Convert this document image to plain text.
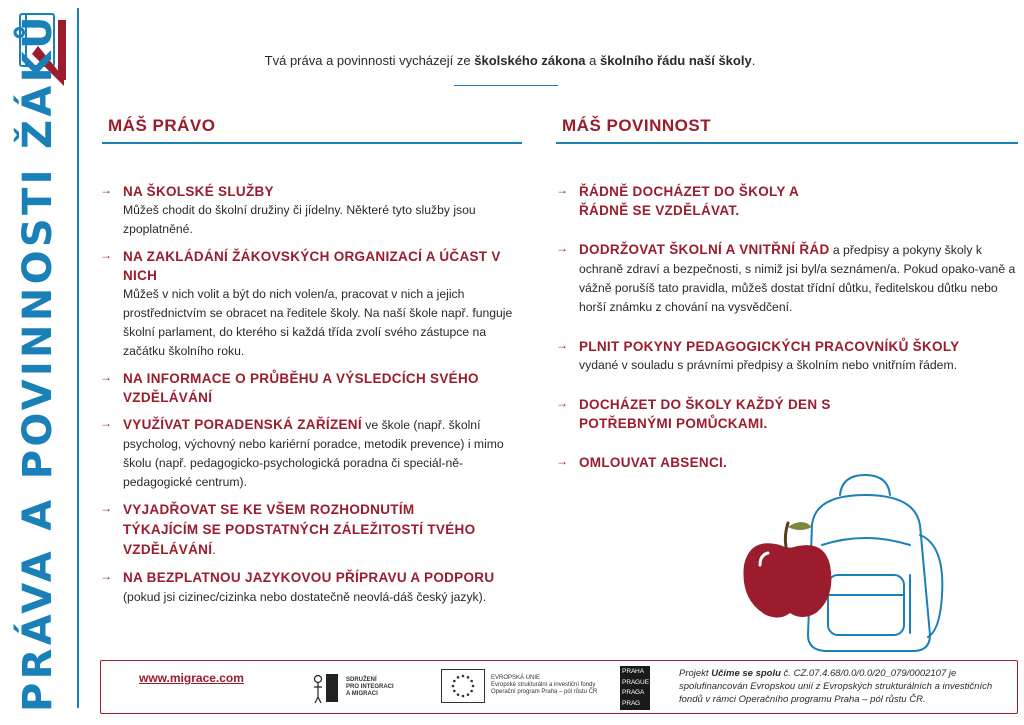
PRÁVA A POVINNOSTI ŽÁKŮ	Tvá práva a povinnosti vycházejí ze školského zákona a školního řádu naší školy.
MÁŠ PRÁVO	MÁŠ POVINNOST
→ NA ŠKOLSKÉ SLUŽBY
Můžeš chodit do školní družiny či jídelny. Některé tyto služby jsou zpoplatněné.
→ NA ZAKLÁDÁNÍ ŽÁKOVSKÝCH ORGANIZACÍ A ÚČAST V NICH
Můžeš v nich volit a být do nich volen/a, pracovat v nich a jejich prostřednictvím se obracet na ředitele školy. Na naší škole např. funguje školní parlament, do kterého si každá třída zvolí svého zástupce na začátku školního roku.
→ NA INFORMACE O PRŮBĚHU A VÝSLEDCÍCH SVÉHO VZDĚLÁVÁNÍ
→ VYUŽÍVAT PORADENSKÁ ZAŘÍZENÍ ve škole (např. školní psycholog, výchovný nebo kariérní poradce, metodik prevence) i mimo školu (např. pedagogicko-psychologická poradna či speciál-ně-pedagogické centrum).
→ VYJADŘOVAT SE KE VŠEM ROZHODNUTÍM TÝKAJÍCÍM SE PODSTATNÝCH ZÁLEŽITOSTÍ TVÉHO VZDĚLÁVÁNÍ.
→ NA BEZPLATNOU JAZYKOVOU PŘÍPRAVU A PODPORU (pokud jsi cizinec/cizinka nebo dostatečně neovlá-dáš český jazyk).
→ ŘÁDNĚ DOCHÁZET DO ŠKOLY A ŘÁDNĚ SE VZDĚLÁVAT.
→ DODRŽOVAT ŠKOLNÍ A VNITŘNÍ ŘÁD a předpisy a pokyny školy k ochraně zdraví a bezpečnosti, s nimiž jsi byl/a seznámen/a. Pokud opako-vaně a vážně porušíš tato pravidla, můžeš dostat třídní důtku, ředitelskou důtku nebo horší známku z chování na vysvědčení.
→ PLNIT POKYNY PEDAGOGICKÝCH PRACOVNÍKŮ ŠKOLY
vydané v souladu s právními předpisy a školním nebo vnitřním řádem.
→ DOCHÁZET DO ŠKOLY KAŽDÝ DEN S POTŘEBNÝMI POMŮCKAMI.
→ OMLOUVAT ABSENCI.
www.migrace.com	SDRUŽENÍ
PRO INTEGRACI
A MIGRACI
EVROPSKÁ UNIE
Evropské strukturální a investiční fondy
Operační program Praha – pól růstu ČR
PRA HA
PRA GUE
PRA GA
PRA G
Projekt Učíme se spolu č. CZ.07.4.68/0.0/0.0/20_079/0002107 je spolufinancován Evropskou unií z Evropských strukturálních a investičních fondů v rámci Operačního programu Praha – pól růstu ČR.
